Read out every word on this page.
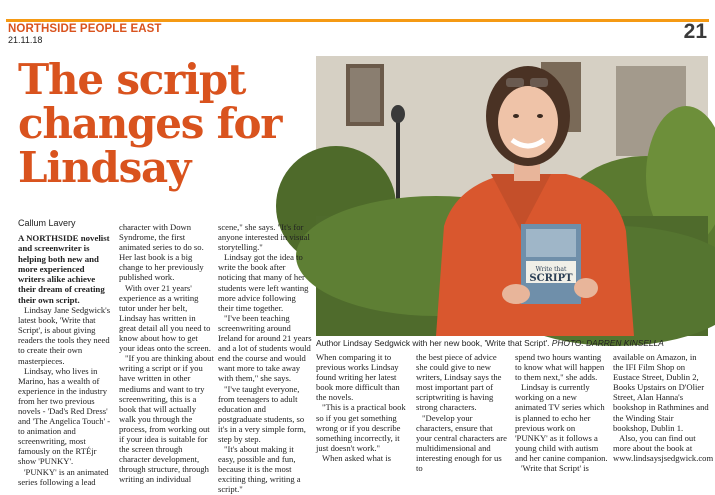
NORTHSIDE PEOPLE EAST
21.11.18	21
The script changes for Lindsay
Callum Lavery
Write that
SCRIPT
Author Lindsay Sedgwick with her new book, 'Write that Script'. PHOTO: DARREN KINSELLA

A NORTHSIDE novelist and screenwriter is helping both new and more experienced writers alike achieve their dream of creating their own script.

Lindsay Jane Sedgwick's latest book, 'Write that Script', is about giving readers the tools they need to create their own masterpieces.

Lindsay, who lives in Marino, has a wealth of experience in the industry from her two previous novels - 'Dad's Red Dress' and 'The Angelica Touch' - to animation and screenwriting, most famously on the RTÉjr show 'PUNKY'.

'PUNKY' is an animated series following a lead

character with Down Syndrome, the first animated series to do so. Her last book is a big change to her previously published work.

With over 21 years' experience as a writing tutor under her belt, Lindsay has written in great detail all you need to know about how to get your ideas onto the screen.

"If you are thinking about writing a script or if you have written in other mediums and want to try screenwriting, this is a book that will actually walk you through the process, from working out if your idea is suitable for the screen through character development, through structure, through writing an individual

scene," she says. "It's for anyone interested in visual storytelling."

Lindsay got the idea to write the book after noticing that many of her students were left wanting more advice following their time together.

"I've been teaching screenwriting around Ireland for around 21 years and a lot of students would end the course and would want more to take away with them," she says.

"I've taught everyone, from teenagers to adult education and postgraduate students, so it's in a very simple form, step by step.

"It's about making it easy, possible and fun, because it is the most exciting thing, writing a script."

When comparing it to previous works Lindsay found writing her latest book more difficult than the novels.

"This is a practical book so if you get something wrong or if you describe something incorrectly, it just doesn't work."

When asked what is

the best piece of advice she could give to new writers, Lindsay says the most important part of scriptwriting is having strong characters.

"Develop your characters, ensure that your central characters are multidimensional and interesting enough for us to

spend two hours wanting to know what will happen to them next," she adds.

Lindsay is currently working on a new animated TV series which is planned to echo her previous work on 'PUNKY' as it follows a young child with autism and her canine companion.

'Write that Script' is

available on Amazon, in the IFI Film Shop on Eustace Street, Dublin 2, Books Upstairs on D'Olier Street, Alan Hanna's bookshop in Rathmines and the Winding Stair bookshop, Dublin 1.

Also, you can find out more about the book at www.lindsaysjsedgwick.com
